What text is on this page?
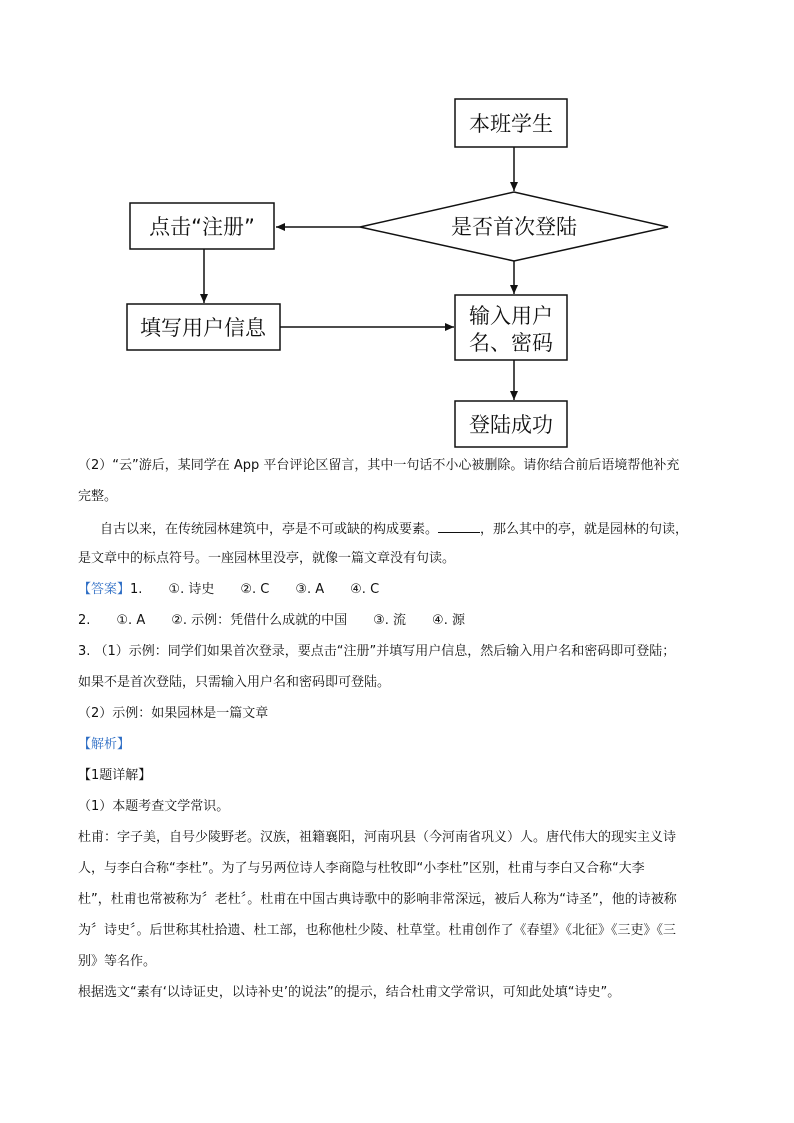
本班学生
是否首次登陆
点击“注册”
填写用户信息	输入用户
名、密码
登陆成功
（2）“云”游后，某同学在 App 平台评论区留言，其中一句话不小心被删除。请你结合前后语境帮他补充
完整。
自古以来，在传统园林建筑中，亭是不可或缺的构成要素。	，那么其中的亭，就是园林的句读，
是文章中的标点符号。一座园林里没亭，就像一篇文章没有句读。
【答案】1.　　①. 诗史　　②. C　　③. A　　④. C
2.　　①. A　　②. 示例：凭借什么成就的中国　　③. 流　　④. 源
3. （1）示例：同学们如果首次登录，要点击“注册”并填写用户信息，然后输入用户名和密码即可登陆；
如果不是首次登陆，只需输入用户名和密码即可登陆。
（2）示例：如果园林是一篇文章
【解析】
【1题详解】
（1）本题考查文学常识。
杜甫：字子美，自号少陵野老。汉族，祖籍襄阳，河南巩县（今河南省巩义）人。唐代伟大的现实主义诗
人，与李白合称“李杜”。为了与另两位诗人李商隐与杜牧即“小李杜”区别，杜甫与李白又合称“大李
杜”，杜甫也常被称为〞老杜〞。杜甫在中国古典诗歌中的影响非常深远，被后人称为“诗圣”，他的诗被称
为〞诗史〞。后世称其杜拾遗、杜工部，也称他杜少陵、杜草堂。杜甫创作了《春望》《北征》《三吏》《三
别》等名作。
根据选文“素有‘以诗证史，以诗补史’的说法”的提示，结合杜甫文学常识，可知此处填“诗史”。
